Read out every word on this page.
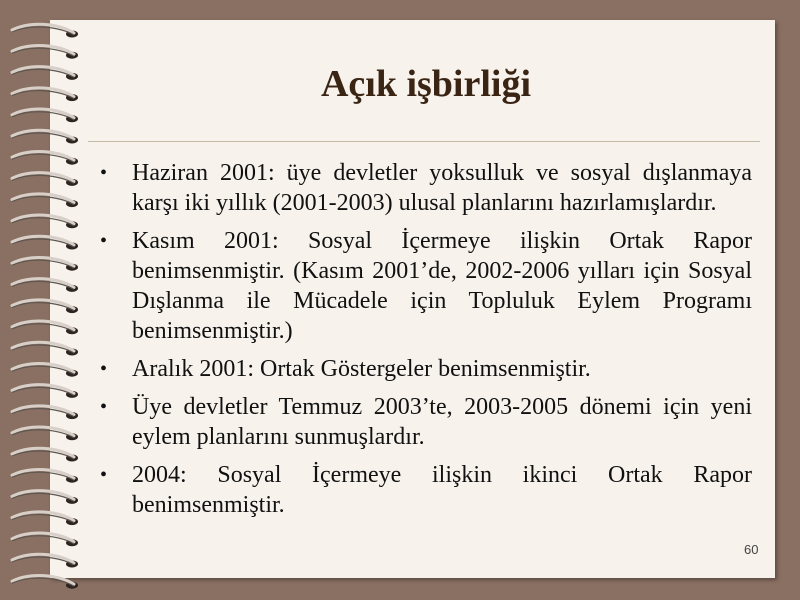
Açık işbirliği
• Haziran 2001: üye devletler yoksulluk ve sosyal dışlanmaya karşı iki yıllık (2001-2003) ulusal planlarını hazırlamışlardır.
• Kasım 2001: Sosyal İçermeye ilişkin Ortak Rapor benimsenmiştir. (Kasım 2001’de, 2002-2006 yılları için Sosyal Dışlanma ile Mücadele için Topluluk Eylem Programı benimsenmiştir.)
• Aralık 2001: Ortak Göstergeler benimsenmiştir.
• Üye devletler Temmuz 2003’te, 2003-2005 dönemi için yeni eylem planlarını sunmuşlardır.
• 2004: Sosyal İçermeye ilişkin ikinci Ortak Rapor benimsenmiştir.
60
